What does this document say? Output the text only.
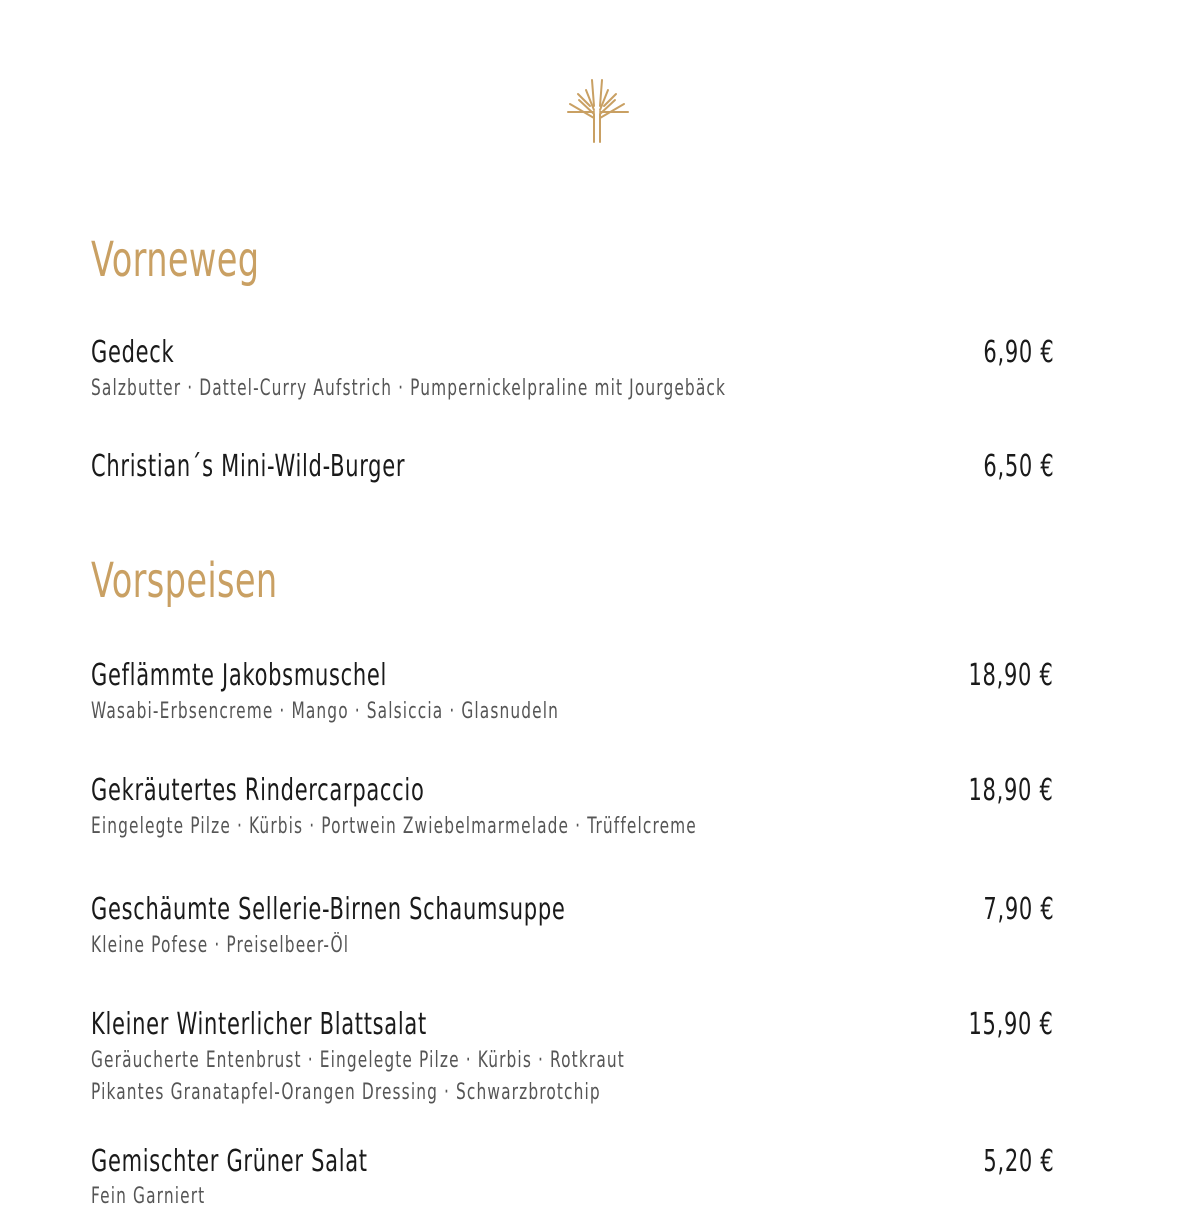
Vorneweg
Gedeck	6,90 €
Salzbutter · Dattel-Curry Aufstrich · Pumpernickelpraline mit Jourgebäck
Christian´s Mini-Wild-Burger	6,50 €
Vorspeisen
Geflämmte Jakobsmuschel	18,90 €
Wasabi-Erbsencreme · Mango · Salsiccia · Glasnudeln
Gekräutertes Rindercarpaccio	18,90 €
Eingelegte Pilze · Kürbis · Portwein Zwiebelmarmelade · Trüffelcreme
Geschäumte Sellerie-Birnen Schaumsuppe	7,90 €
Kleine Pofese · Preiselbeer-Öl
Kleiner Winterlicher Blattsalat	15,90 €
Geräucherte Entenbrust · Eingelegte Pilze · Kürbis · Rotkraut
Pikantes Granatapfel-Orangen Dressing · Schwarzbrotchip
Gemischter Grüner Salat	5,20 €
Fein Garniert
